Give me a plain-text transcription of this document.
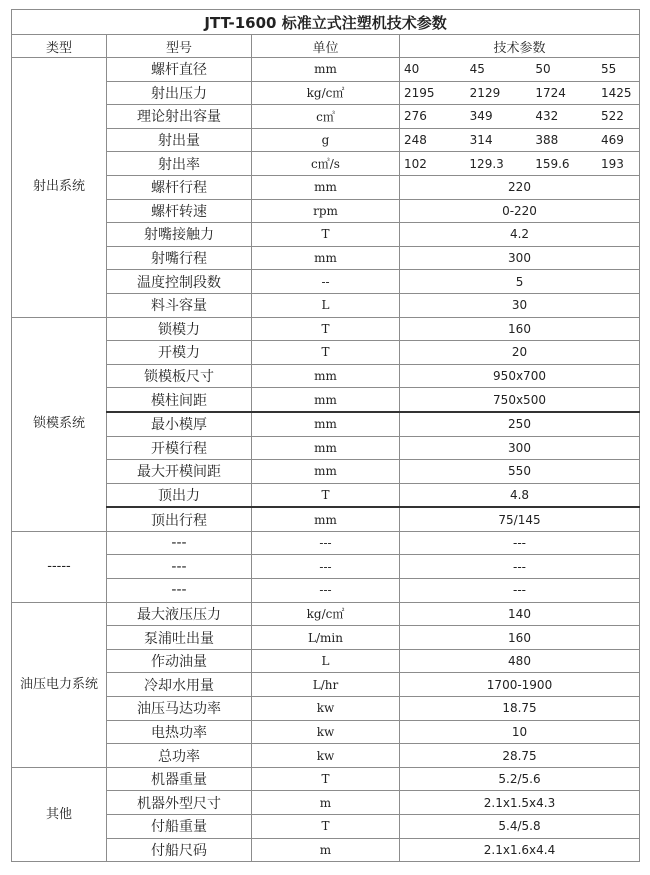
JTT-1600 标准立式注塑机技术参数			
类型	型号	单位	技术参数
射出系统	螺杆直径	mm	40 45 50 55

	射出压力	kg/c㎡	2195 2129 1724 1425

	理论射出容量	c㎥	276 349 432 522

	射出量	g	248 314 388 469

	射出率	c㎥/s	102 129.3 159.6 193

	螺杆行程	mm	220
	螺杆转速	rpm	0-220
	射嘴接触力	T	4.2
	射嘴行程	mm	300
	温度控制段数	--	5
	料斗容量	L	30
锁模系统	锁模力	T	160
	开模力	T	20
	锁模板尺寸	mm	950x700
	模柱间距	mm	750x500
	最小模厚	mm	250
	开模行程	mm	300
	最大开模间距	mm	550
	顶出力	T	4.8
	顶出行程	mm	75/145
-----	---	---	---
	---	---	---
	---	---	---
油压电力系统	最大液压压力	kg/c㎡	140
	泵浦吐出量	L/min	160
	作动油量	L	480
	冷却水用量	L/hr	1700-1900
	油压马达功率	kw	18.75
	电热功率	kw	10
	总功率	kw	28.75
其他	机器重量	T	5.2/5.6
	机器外型尺寸	m	2.1x1.5x4.3
	付船重量	T	5.4/5.8
	付船尺码	m	2.1x1.6x4.4
